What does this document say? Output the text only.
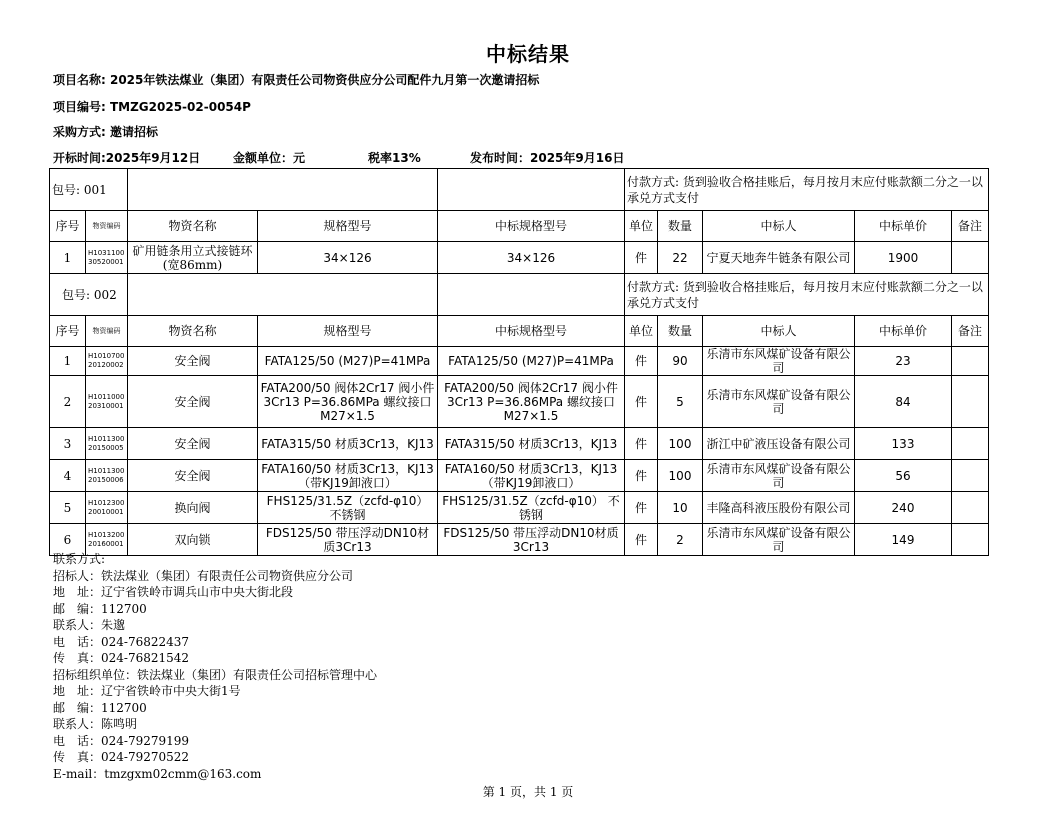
中标结果
项目名称: 2025年铁法煤业（集团）有限责任公司物资供应分公司配件九月第一次邀请招标
项目编号: TMZG2025-02-0054P
采购方式: 邀请招标
开标时间:2025年9月12日	金额单位：元	税率13%	发布时间：2025年9月16日
包号: 001					付款方式: 货到验收合格挂账后，每月按月末应付账款额二分之一以承兑方式支付				
序号	物资编码	物资名称	规格型号	中标规格型号	单位	数量	中标人	中标单价	备注
1	H1031100 30520001	矿用链条用立式接链环(宽86mm)	34×126	34×126	件	22	宁夏天地奔牛链条有限公司	1900	
包号: 002					付款方式: 货到验收合格挂账后，每月按月末应付账款额二分之一以承兑方式支付				
序号	物资编码	物资名称	规格型号	中标规格型号	单位	数量	中标人	中标单价	备注
1	H1010700 20120002	安全阀	FATA125/50 (M27)P=41MPa	FATA125/50 (M27)P=41MPa	件	90	乐清市东风煤矿设备有限公司	23	
2	H1011000 20310001	安全阀	FATA200/50 阀体2Cr17 阀小件3Cr13 P=36.86MPa 螺纹接口M27×1.5	FATA200/50 阀体2Cr17 阀小件3Cr13 P=36.86MPa 螺纹接口M27×1.5	件	5	乐清市东风煤矿设备有限公司	84	
3	H1011300 20150005	安全阀	FATA315/50 材质3Cr13，KJ13	FATA315/50 材质3Cr13，KJ13	件	100	浙江中矿液压设备有限公司	133	
4	H1011300 20150006	安全阀	FATA160/50 材质3Cr13，KJ13（带KJ19卸液口）	FATA160/50 材质3Cr13，KJ13（带KJ19卸液口）	件	100	乐清市东风煤矿设备有限公司	56	
5	H1012300 20010001	换向阀	FHS125/31.5Z（zcfd-φ10） 不锈钢	FHS125/31.5Z（zcfd-φ10） 不锈钢	件	10	丰隆高科液压股份有限公司	240	
6	H1013200 20160001	双向锁	FDS125/50 带压浮动DN10材质3Cr13	FDS125/50 带压浮动DN10材质3Cr13	件	2	乐清市东风煤矿设备有限公司	149	
联系方式:
招标人：铁法煤业（集团）有限责任公司物资供应分公司
地　址：辽宁省铁岭市调兵山市中央大街北段
邮　编：112700
联系人：朱邈
电　话：024-76822437
传　真：024-76821542
招标组织单位：铁法煤业（集团）有限责任公司招标管理中心
地　址：辽宁省铁岭市中央大街1号
邮　编：112700
联系人：陈鸣明
电　话：024-79279199
传　真：024-79270522
E-mail：tmzgxm02cmm@163.com
第 1 页，共 1 页
